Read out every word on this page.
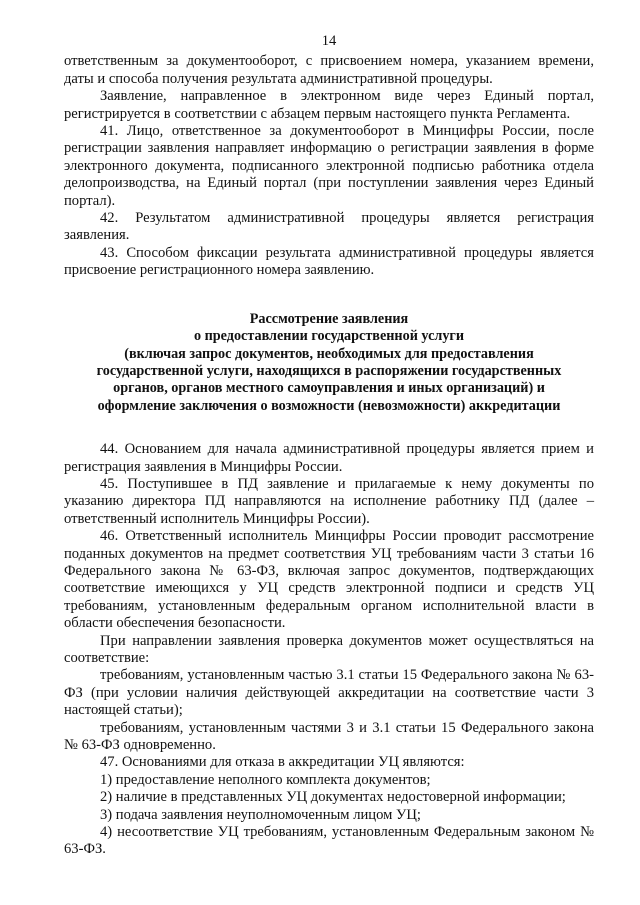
14

ответственным за документооборот, с присвоением номера, указанием времени, даты и способа получения результата административной процедуры.

Заявление, направленное в электронном виде через Единый портал, регистрируется в соответствии с абзацем первым настоящего пункта Регламента.

41. Лицо, ответственное за документооборот в Минцифры России, после регистрации заявления направляет информацию о регистрации заявления в форме электронного документа, подписанного электронной подписью работника отдела делопроизводства, на Единый портал (при поступлении заявления через Единый портал).

42. Результатом административной процедуры является регистрация заявления.

43. Способом фиксации результата административной процедуры является присвоение регистрационного номера заявлению.

Рассмотрение заявления
о предоставлении государственной услуги
(включая запрос документов, необходимых для предоставления
государственной услуги, находящихся в распоряжении государственных
органов, органов местного самоуправления и иных организаций) и
оформление заключения о возможности (невозможности) аккредитации

44. Основанием для начала административной процедуры является прием и регистрация заявления в Минцифры России.

45. Поступившее в ПД заявление и прилагаемые к нему документы по указанию директора ПД направляются на исполнение работнику ПД (далее – ответственный исполнитель Минцифры России).

46. Ответственный исполнитель Минцифры России проводит рассмотрение поданных документов на предмет соответствия УЦ требованиям части 3 статьи 16 Федерального закона № 63-ФЗ, включая запрос документов, подтверждающих соответствие имеющихся у УЦ средств электронной подписи и средств УЦ требованиям, установленным федеральным органом исполнительной власти в области обеспечения безопасности.

При направлении заявления проверка документов может осуществляться на соответствие:

требованиям, установленным частью 3.1 статьи 15 Федерального закона № 63-ФЗ (при условии наличия действующей аккредитации на соответствие части 3 настоящей статьи);

требованиям, установленным частями 3 и 3.1 статьи 15 Федерального закона № 63-ФЗ одновременно.

47. Основаниями для отказа в аккредитации УЦ являются:

1) предоставление неполного комплекта документов;

2) наличие в представленных УЦ документах недостоверной информации;

3) подача заявления неуполномоченным лицом УЦ;

4) несоответствие УЦ требованиям, установленным Федеральным законом № 63-ФЗ.
